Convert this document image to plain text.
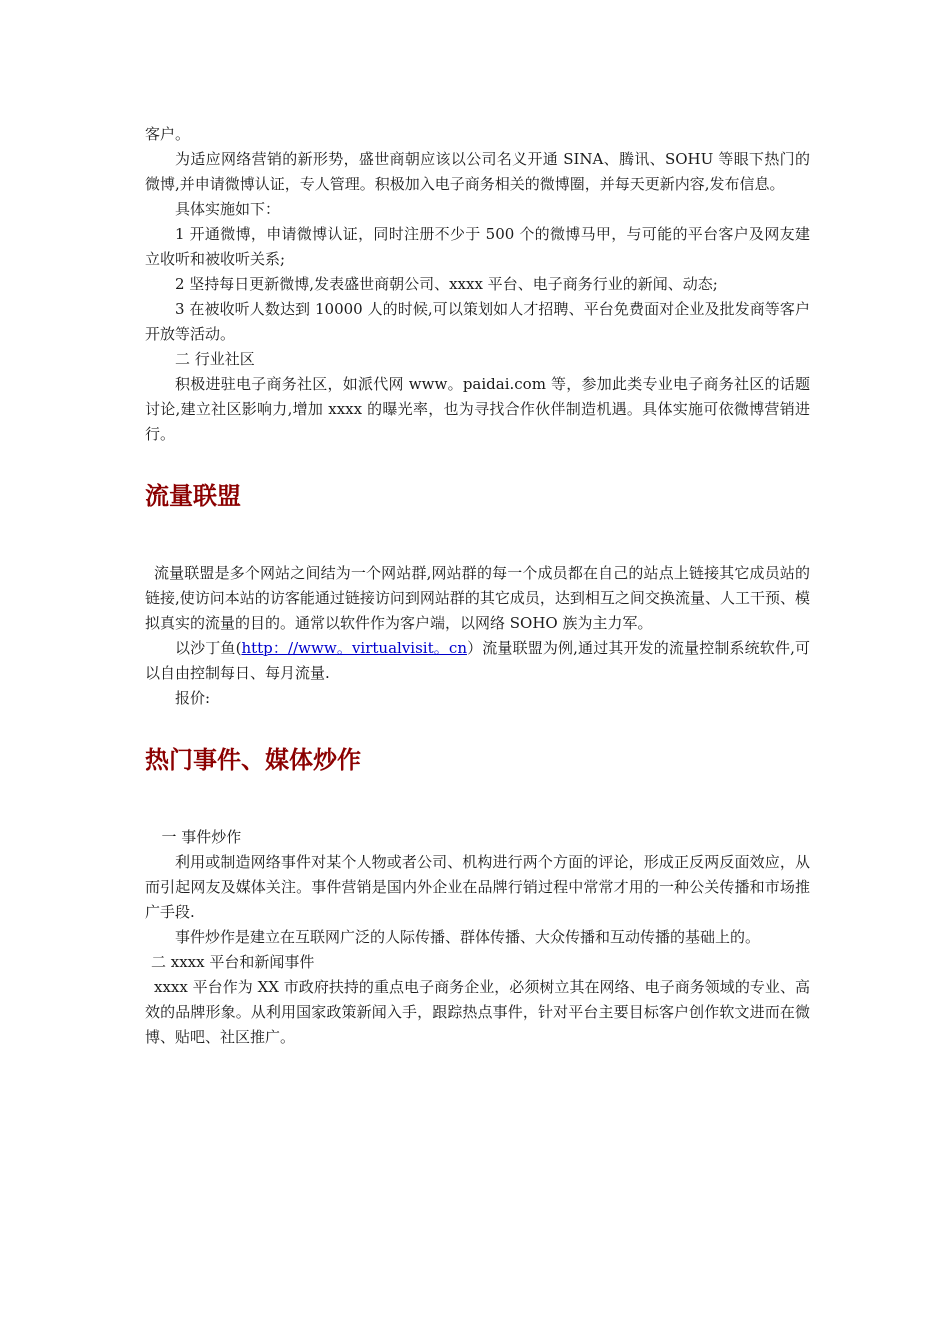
客户。

为适应网络营销的新形势，盛世商朝应该以公司名义开通 SINA、腾讯、SOHU 等眼下热门的微博,并申请微博认证，专人管理。积极加入电子商务相关的微博圈，并每天更新内容,发布信息。

具体实施如下：

1 开通微博，申请微博认证，同时注册不少于 500 个的微博马甲，与可能的平台客户及网友建立收听和被收听关系;

2 坚持每日更新微博,发表盛世商朝公司、xxxx 平台、电子商务行业的新闻、动态;

3 在被收听人数达到 10000 人的时候,可以策划如人才招聘、平台免费面对企业及批发商等客户开放等活动。

二 行业社区

积极进驻电子商务社区，如派代网 www。paidai.com 等，参加此类专业电子商务社区的话题讨论,建立社区影响力,增加 xxxx 的曝光率，也为寻找合作伙伴制造机遇。具体实施可依微博营销进行。

流量联盟

流量联盟是多个网站之间结为一个网站群,网站群的每一个成员都在自己的站点上链接其它成员站的链接,使访问本站的访客能通过链接访问到网站群的其它成员，达到相互之间交换流量、人工干预、模拟真实的流量的目的。通常以软件作为客户端，以网络 SOHO 族为主力军。

以沙丁鱼(http：//www。virtualvisit。cn）流量联盟为例,通过其开发的流量控制系统软件,可以自由控制每日、每月流量.

报价:

热门事件、媒体炒作

一 事件炒作

利用或制造网络事件对某个人物或者公司、机构进行两个方面的评论，形成正反两反面效应，从而引起网友及媒体关注。事件营销是国内外企业在品牌行销过程中常常才用的一种公关传播和市场推广手段.

事件炒作是建立在互联网广泛的人际传播、群体传播、大众传播和互动传播的基础上的。

二 xxxx 平台和新闻事件

xxxx 平台作为 XX 市政府扶持的重点电子商务企业，必须树立其在网络、电子商务领域的专业、高效的品牌形象。从利用国家政策新闻入手，跟踪热点事件，针对平台主要目标客户创作软文进而在微博、贴吧、社区推广。
